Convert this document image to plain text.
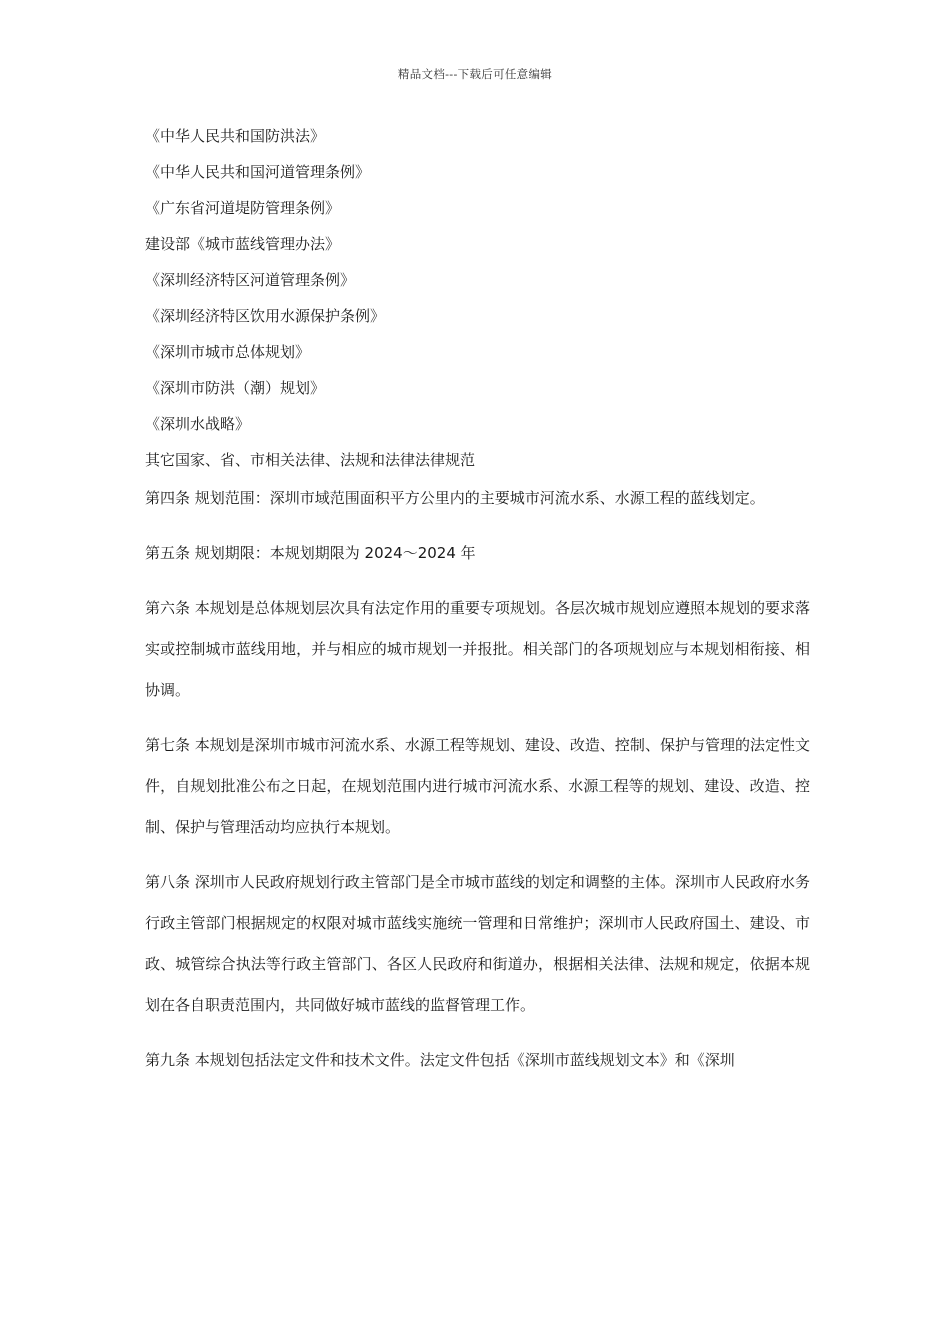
精品文档---下载后可任意编辑
《中华人民共和国防洪法》
《中华人民共和国河道管理条例》
《广东省河道堤防管理条例》
建设部《城市蓝线管理办法》
《深圳经济特区河道管理条例》
《深圳经济特区饮用水源保护条例》
《深圳市城市总体规划》
《深圳市防洪（潮）规划》
《深圳水战略》
其它国家、省、市相关法律、法规和法律法律规范

第四条 规划范围：深圳市域范围面积平方公里内的主要城市河流水系、水源工程的蓝线划定。

第五条 规划期限：本规划期限为 2024～2024 年

第六条 本规划是总体规划层次具有法定作用的重要专项规划。各层次城市规划应遵照本规划的要求落实或控制城市蓝线用地，并与相应的城市规划一并报批。相关部门的各项规划应与本规划相衔接、相协调。

第七条 本规划是深圳市城市河流水系、水源工程等规划、建设、改造、控制、保护与管理的法定性文件，自规划批准公布之日起，在规划范围内进行城市河流水系、水源工程等的规划、建设、改造、控制、保护与管理活动均应执行本规划。

第八条 深圳市人民政府规划行政主管部门是全市城市蓝线的划定和调整的主体。深圳市人民政府水务行政主管部门根据规定的权限对城市蓝线实施统一管理和日常维护；深圳市人民政府国土、建设、市政、城管综合执法等行政主管部门、各区人民政府和街道办，根据相关法律、法规和规定，依据本规划在各自职责范围内，共同做好城市蓝线的监督管理工作。

第九条 本规划包括法定文件和技术文件。法定文件包括《深圳市蓝线规划文本》和《深圳
